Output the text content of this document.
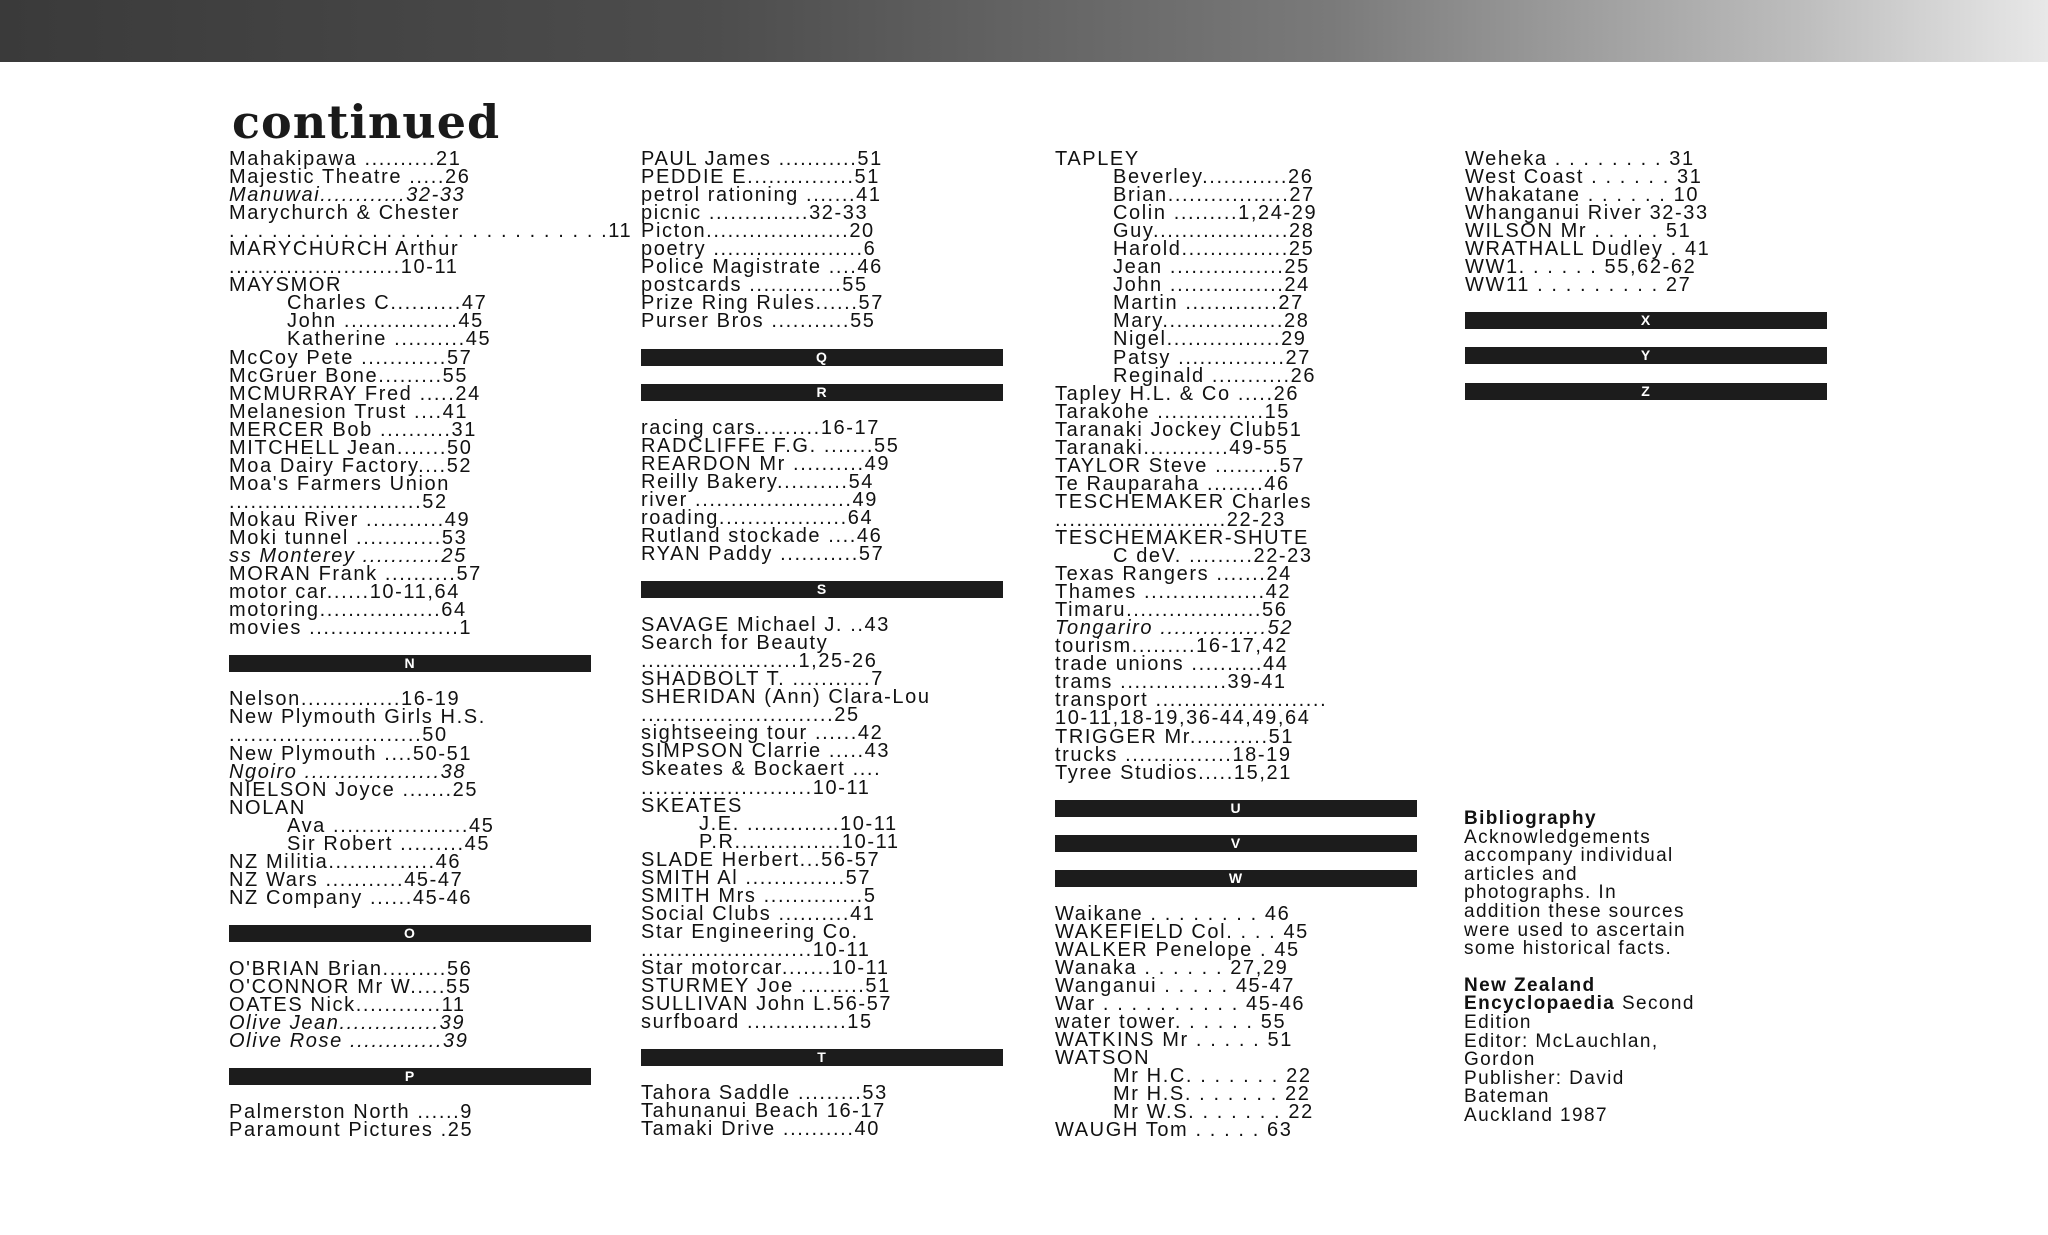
continued
Mahakipawa ..........21
Majestic Theatre .....26
Manuwai............32-33
Marychurch & Chester
. . . . . . . . . . . . . . . . . . . . . . . . . . .11
MARYCHURCH Arthur
........................10-11
MAYSMOR
Charles C..........47
John ................45
Katherine ..........45
McCoy Pete ............57
McGruer Bone.........55
MCMURRAY Fred .....24
Melanesion Trust ....41
MERCER Bob ..........31
MITCHELL Jean.......50
Moa Dairy Factory....52
Moa's Farmers Union
...........................52
Mokau River ...........49
Moki tunnel ............53
ss Monterey ...........25
MORAN Frank ..........57
motor car......10-11,64
motoring.................64
movies .....................1
N
Nelson..............16-19
New Plymouth Girls H.S.
...........................50
New Plymouth ....50-51
Ngoiro ...................38
NIELSON Joyce .......25
NOLAN
Ava ...................45
Sir Robert .........45
NZ Militia...............46
NZ Wars ...........45-47
NZ Company ......45-46
O
O'BRIAN Brian.........56
O'CONNOR Mr W.....55
OATES Nick............11
Olive Jean..............39
Olive Rose .............39
P
Palmerston North ......9
Paramount Pictures .25
PAUL James ...........51
PEDDIE E...............51
petrol rationing .......41
picnic ..............32-33
Picton....................20
poetry .....................6
Police Magistrate ....46
postcards .............55
Prize Ring Rules......57
Purser Bros ...........55
Q
R
racing cars.........16-17
RADCLIFFE F.G. .......55
REARDON Mr ..........49
Reilly Bakery..........54
river ......................49
roading..................64
Rutland stockade ....46
RYAN Paddy ...........57
S
SAVAGE Michael J. ..43
Search for Beauty
......................1,25-26
SHADBOLT T. ...........7
SHERIDAN (Ann) Clara-Lou
...........................25
sightseeing tour ......42
SIMPSON Clarrie .....43
Skeates & Bockaert ....
........................10-11
SKEATES
J.E. .............10-11
P.R...............10-11
SLADE Herbert...56-57
SMITH Al ..............57
SMITH Mrs ..............5
Social Clubs ..........41
Star Engineering Co.
........................10-11
Star motorcar.......10-11
STURMEY Joe .........51
SULLIVAN John L.56-57
surfboard ..............15
T
Tahora Saddle .........53
Tahunanui Beach 16-17
Tamaki Drive ..........40
TAPLEY
Beverley............26
Brian.................27
Colin .........1,24-29
Guy...................28
Harold...............25
Jean ................25
John ................24
Martin .............27
Mary.................28
Nigel................29
Patsy ...............27
Reginald ...........26
Tapley H.L. & Co .....26
Tarakohe ...............15
Taranaki Jockey Club51
Taranaki............49-55
TAYLOR Steve .........57
Te Rauparaha ........46
TESCHEMAKER Charles
........................22-23
TESCHEMAKER-SHUTE
C deV. .........22-23
Texas Rangers .......24
Thames .................42
Timaru...................56
Tongariro ...............52
tourism.........16-17,42
trade unions ..........44
trams ...............39-41
transport ........................
10-11,18-19,36-44,49,64
TRIGGER Mr...........51
trucks ...............18-19
Tyree Studios.....15,21
U
V
W
Waikane . . . . . . . . 46
WAKEFIELD Col. . . . 45
WALKER Penelope . 45
Wanaka . . . . . . 27,29
Wanganui . . . . . 45-47
War . . . . . . . . . . 45-46
water tower. . . . . . 55
WATKINS Mr . . . . . 51
WATSON
Mr H.C. . . . . . . 22
Mr H.S. . . . . . . 22
Mr W.S. . . . . . . 22
WAUGH Tom . . . . . 63
Weheka . . . . . . . . 31
West Coast . . . . . . 31
Whakatane . . . . . . 10
Whanganui River 32-33
WILSON Mr . . . . . 51
WRATHALL Dudley . 41
WW1. . . . . . 55,62-62
WW11 . . . . . . . . . 27
X
Y
Z
Bibliography
Acknowledgements
accompany individual
articles and
photographs. In
addition these sources
were used to ascertain
some historical facts.
New Zealand
Encyclopaedia Second
Edition
Editor: McLauchlan,
Gordon
Publisher: David
Bateman
Auckland 1987
